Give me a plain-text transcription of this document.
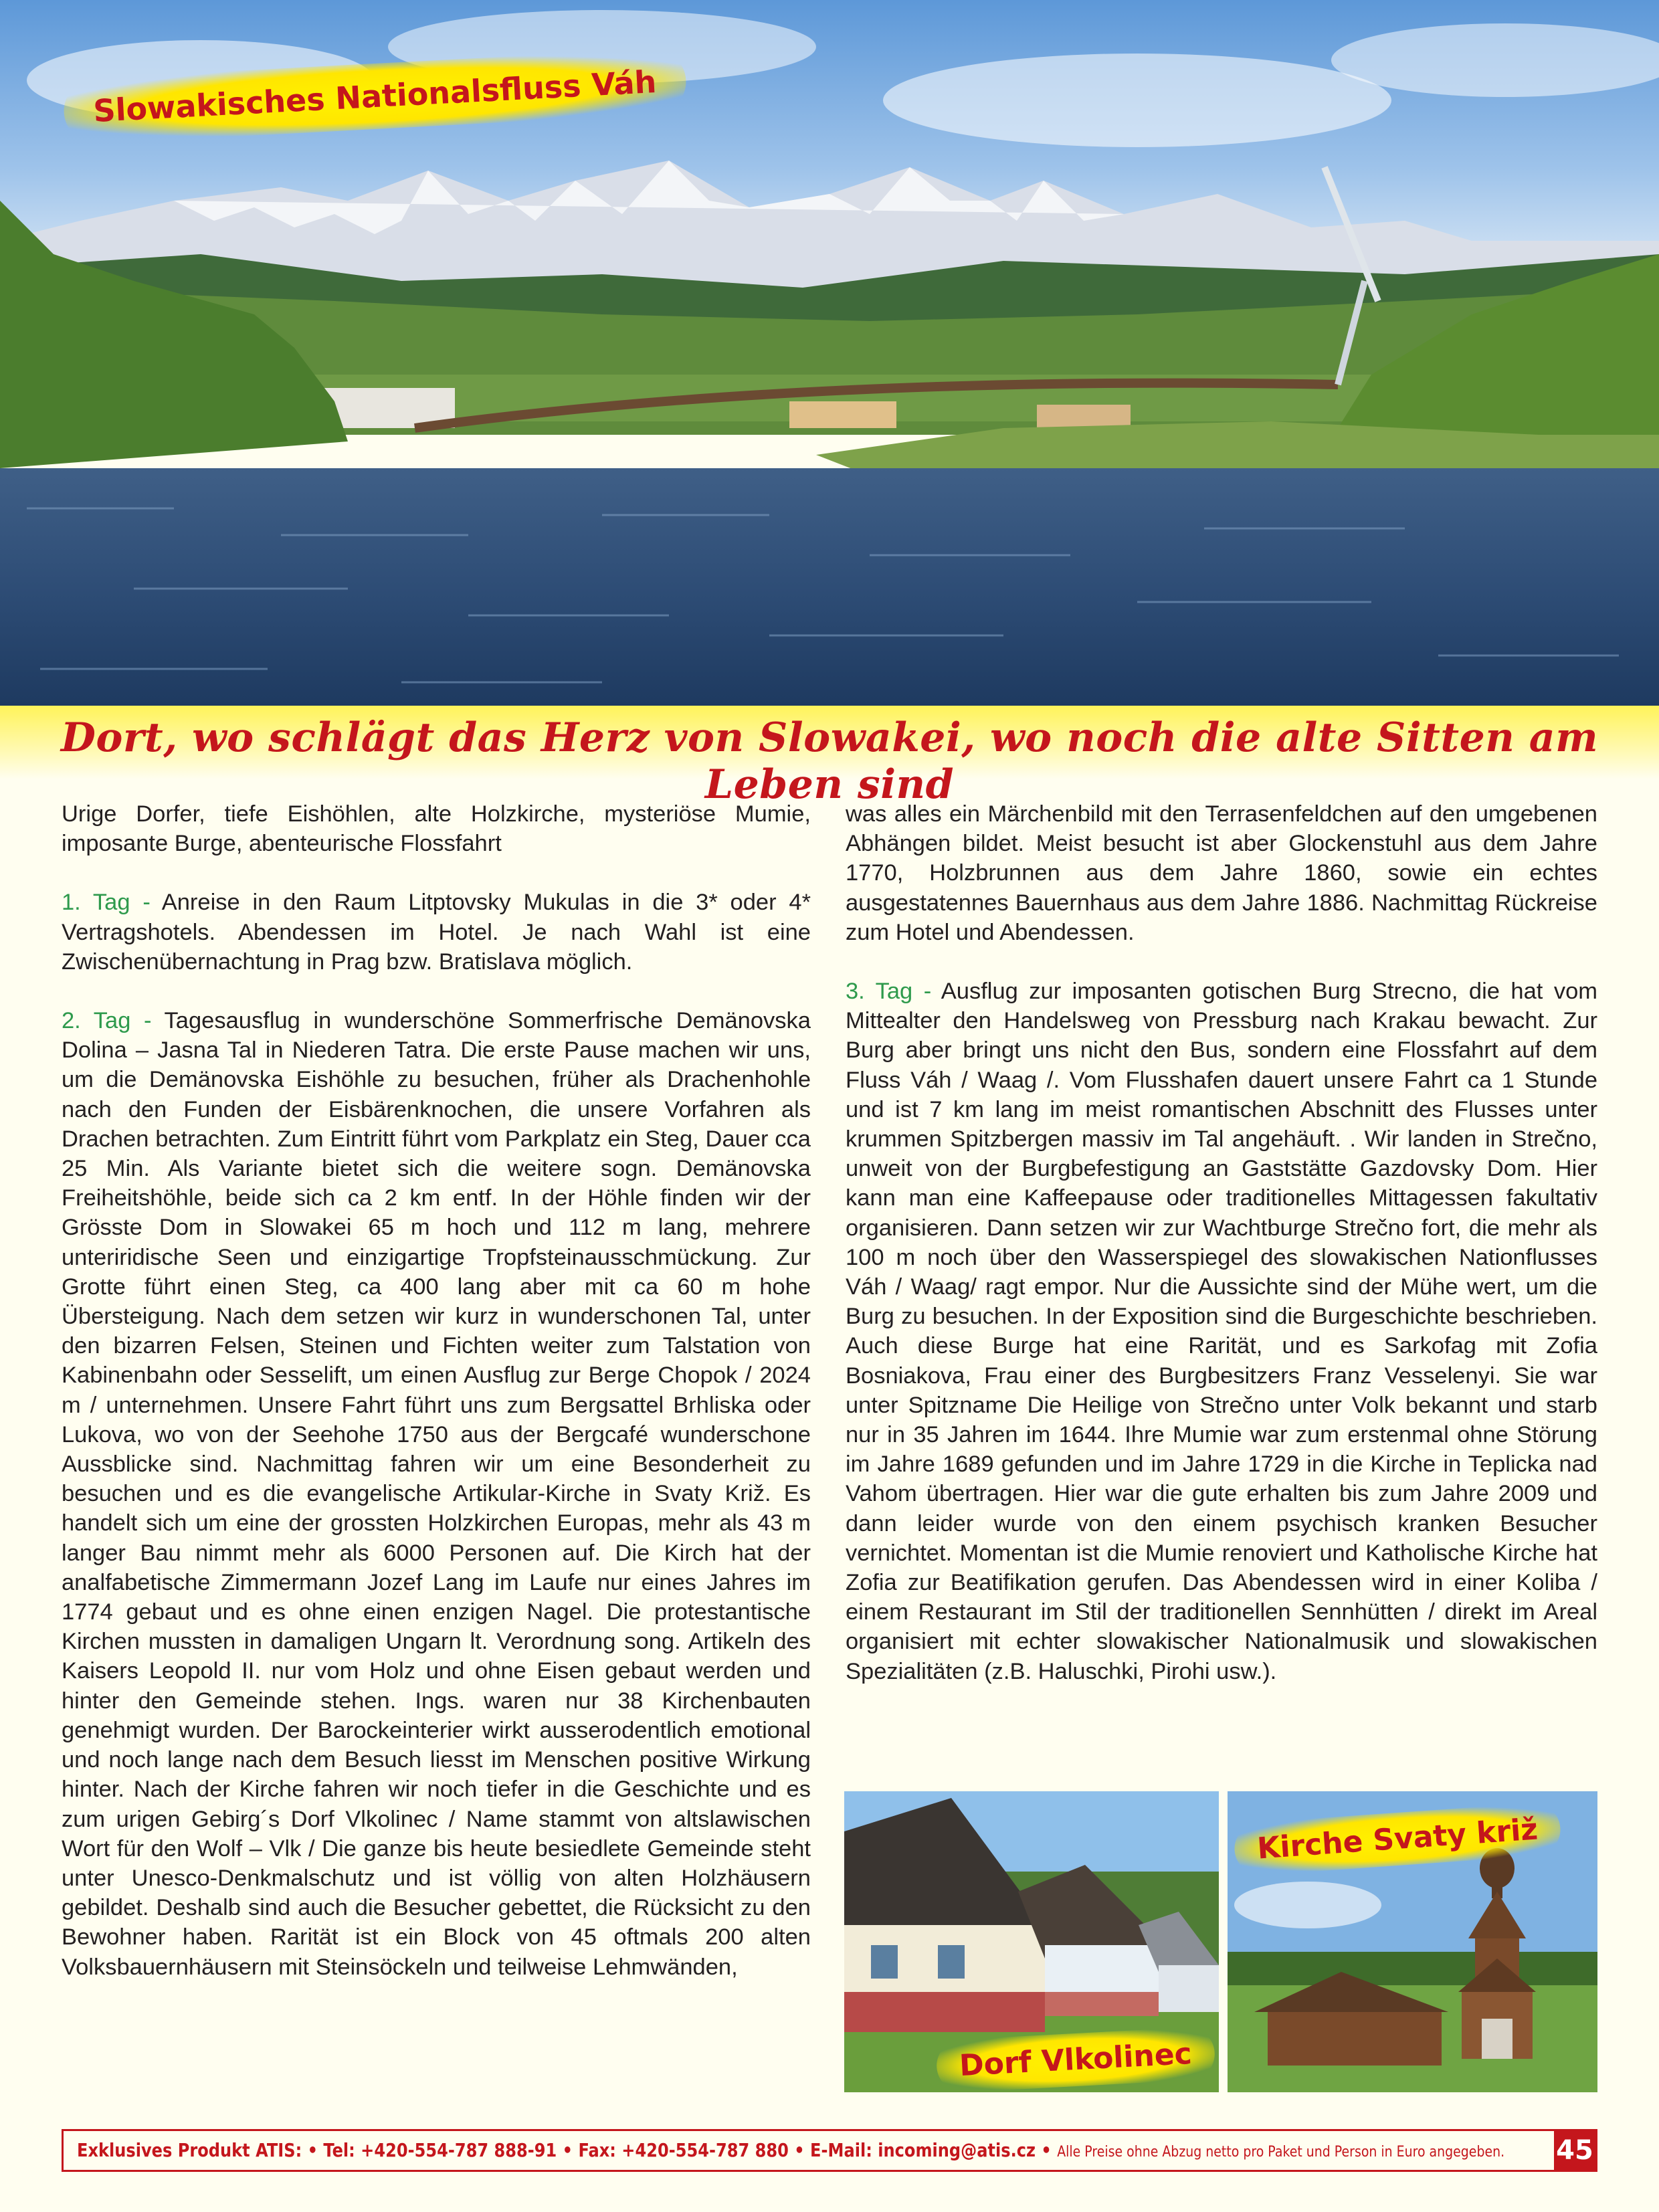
Slowakisches Nationalsfluss Váh
Dort, wo schlägt das Herz von Slowakei, wo noch die alte Sitten am Leben sind

Urige Dorfer, tiefe Eishöhlen, alte Holzkirche, mysteriöse Mumie, imposante Burge, abenteurische Flossfahrt

1. Tag - Anreise in den Raum Litptovsky Mukulas in die 3* oder 4* Vertragshotels. Abendessen im Hotel. Je nach Wahl ist eine Zwischenübernachtung in Prag bzw. Bratislava möglich.

2. Tag - Tagesausflug in wunderschöne Sommerfrische Demänovska Dolina – Jasna Tal in Niederen Tatra. Die erste Pause machen wir uns, um die Demänovska Eishöhle zu besuchen, früher als Drachenhohle nach den Funden der Eisbärenknochen, die unsere Vorfahren als Drachen betrachten. Zum Eintritt führt vom Parkplatz ein Steg, Dauer cca 25 Min. Als Variante bietet sich die weitere sogn. Demänovska Freiheitshöhle, beide sich ca 2 km entf. In der Höhle finden wir der Grösste Dom in Slowakei 65 m hoch und 112 m lang, mehrere unteriridische Seen und einzigartige Tropfsteinausschmückung. Zur Grotte führt einen Steg, ca 400 lang aber mit ca 60 m hohe Übersteigung. Nach dem setzen wir kurz in wunderschonen Tal, unter den bizarren Felsen, Steinen und Fichten weiter zum Talstation von Kabinenbahn oder Sesselift, um einen Ausflug zur Berge Chopok / 2024 m / unternehmen. Unsere Fahrt führt uns zum Bergsattel Brhliska oder Lukova, wo von der Seehohe 1750 aus der Bergcafé wunderschone Aussblicke sind. Nachmittag fahren wir um eine Besonderheit zu besuchen und es die evangelische Artikular-Kirche in Svaty Križ. Es handelt sich um eine der grossten Holzkirchen Europas, mehr als 43 m langer Bau nimmt mehr als 6000 Personen auf. Die Kirch hat der analfabetische Zimmermann Jozef Lang im Laufe nur eines Jahres im 1774 gebaut und es ohne einen enzigen Nagel. Die protestantische Kirchen mussten in damaligen Ungarn lt. Verordnung song. Artikeln des Kaisers Leopold II. nur vom Holz und ohne Eisen gebaut werden und hinter den Gemeinde stehen. Ings. waren nur 38 Kirchenbauten genehmigt wurden. Der Barockeinterier wirkt ausserodentlich emotional und noch lange nach dem Besuch liesst im Menschen positive Wirkung hinter. Nach der Kirche fahren wir noch tiefer in die Geschichte und es zum urigen Gebirg´s Dorf Vlkolinec / Name stammt von altslawischen Wort für den Wolf – Vlk / Die ganze bis heute besiedlete Gemeinde steht unter Unesco-Denkmalschutz und ist völlig von alten Holzhäusern gebildet. Deshalb sind auch die Besucher gebettet, die Rücksicht zu den Bewohner haben. Rarität ist ein Block von 45 oftmals 200 alten Volksbauernhäusern mit Steinsöckeln und teilweise Lehmwänden,

was alles ein Märchenbild mit den Terrasenfeldchen auf den umgebenen Abhängen bildet. Meist besucht ist aber Glockenstuhl aus dem Jahre 1770, Holzbrunnen aus dem Jahre 1860, sowie ein echtes ausgestatennes Bauernhaus aus dem Jahre 1886. Nachmittag Rückreise zum Hotel und Abendessen.

3. Tag - Ausflug zur imposanten gotischen Burg Strecno, die hat vom Mittealter den Handelsweg von Pressburg nach Krakau bewacht. Zur Burg aber bringt uns nicht den Bus, sondern eine Flossfahrt auf dem Fluss Váh / Waag /. Vom Flusshafen dauert unsere Fahrt ca 1 Stunde und ist 7 km lang im meist romantischen Abschnitt des Flusses unter krummen Spitzbergen massiv im Tal angehäuft. . Wir landen in Strečno, unweit von der Burgbefestigung an Gaststätte Gazdovsky Dom. Hier kann man eine Kaffeepause oder traditionelles Mittagessen fakultativ organisieren. Dann setzen wir zur Wachtburge Strečno fort, die mehr als 100 m noch über den Wasserspiegel des slowakischen Nationflusses Váh / Waag/ ragt empor. Nur die Aussichte sind der Mühe wert, um die Burg zu besuchen. In der Exposition sind die Burgeschichte beschrieben. Auch diese Burge hat eine Rarität, und es Sarkofag mit Zofia Bosniakova, Frau einer des Burgbesitzers Franz Vesselenyi. Sie war unter Spitzname Die Heilige von Strečno unter Volk bekannt und starb nur in 35 Jahren im 1644. Ihre Mumie war zum erstenmal ohne Störung im Jahre 1689 gefunden und im Jahre 1729 in die Kirche in Teplicka nad Vahom übertragen. Hier war die gute erhalten bis zum Jahre 2009 und dann leider wurde von den einem psychisch kranken Besucher vernichtet. Momentan ist die Mumie renoviert und Katholische Kirche hat Zofia zur Beatifikation gerufen. Das Abendessen wird in einer Koliba / einem Restaurant im Stil der traditionellen Sennhütten / direkt im Areal organisiert mit echter slowakischer Nationalmusik und slowakischen Spezialitäten (z.B. Haluschki, Pirohi usw.).

Dorf Vlkolinec
Kirche Svaty križ
Exklusives Produkt ATIS: • Tel: +420-554-787 888-91 • Fax: +420-554-787 880 • E-Mail: incoming@atis.cz • Alle Preise ohne Abzug netto pro Paket und Person in Euro angegeben. 45
